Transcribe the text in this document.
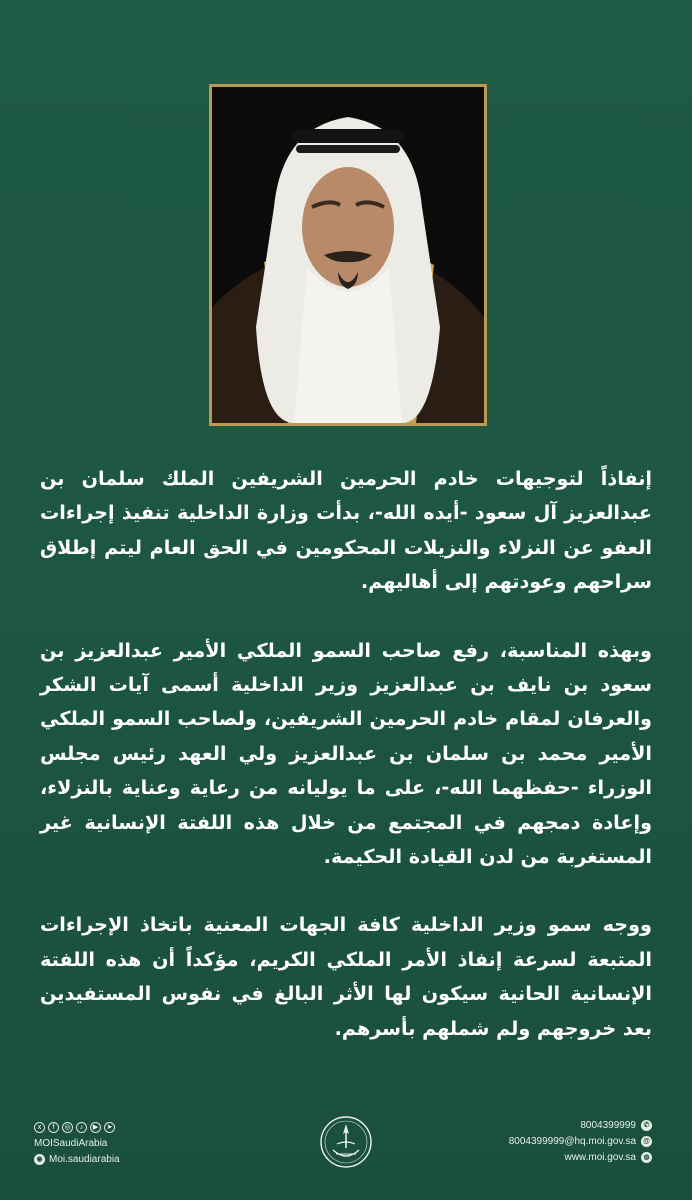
إنفاذاً لتوجيهات خادم الحرمين الشريفين الملك سلمان بن عبدالعزيز آل سعود -أيده الله-، بدأت وزارة الداخلية تنفيذ إجراءات العفو عن النزلاء والنزيلات المحكومين في الحق العام ليتم إطلاق سراحهم وعودتهم إلى أهاليهم.

وبهذه المناسبة، رفع صاحب السمو الملكي الأمير عبدالعزيز بن سعود بن نايف بن عبدالعزيز وزير الداخلية أسمى آيات الشكر والعرفان لمقام خادم الحرمين الشريفين، ولصاحب السمو الملكي الأمير محمد بن سلمان بن عبدالعزيز ولي العهد رئيس مجلس الوزراء -حفظهما الله-، على ما يوليانه من رعاية وعناية بالنزلاء، وإعادة دمجهم في المجتمع من خلال هذه اللفتة الإنسانية غير المستغربة من لدن القيادة الحكيمة.

ووجه سمو وزير الداخلية كافة الجهات المعنية باتخاذ الإجراءات المتبعة لسرعة إنفاذ الأمر الملكي الكريم، مؤكداً أن هذه اللفتة الإنسانية الحانية سيكون لها الأثر البالغ في نفوس المستفيدين بعد خروجهم ولم شملهم بأسرهم.

x	f	◎	♪	▶	➤
MOISaudiArabia
◉ Moi.saudiarabia
8004399999	✆
8004399999@hq.moi.gov.sa @
www.moi.gov.sa	◍
